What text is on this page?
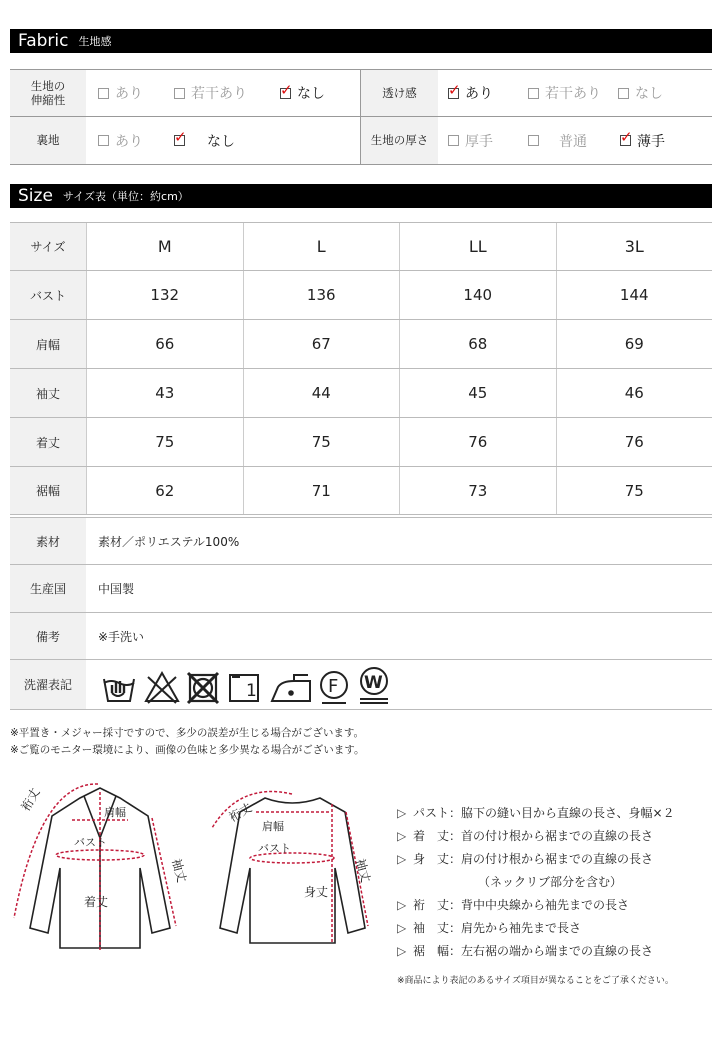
Fabric 生地感
生地の
伸縮性	あり	若干あり ✓ なし	透け感	✓ あり	若干あり なし
裏地	あり ✓ なし	生地の厚さ	厚手	普通 ✓ 薄手
Size サイズ表（単位：約cm）
サイズ	M	L	LL	3L
バスト	132	136	140	144
肩幅	66	67	68	69
袖丈	43	44	45	46
着丈	75	75	76	76
裾幅	62	71	73	75
素材	素材／ポリエステル100%
生産国	中国製
備考	※手洗い
洗濯表記	1	F W
※平置き・メジャー採寸ですので、多少の誤差が生じる場合がございます。
※ご覧のモニター環境により、画像の色味と多少異なる場合がございます。
裄丈	肩幅
バスト
袖丈
着丈
裄丈
肩幅
バスト
袖丈
身丈
▷ パスト：脇下の縫い目から直線の長さ、身幅×２
▷ 着　丈：首の付け根から裾までの直線の長さ
▷ 身　丈：肩の付け根から裾までの直線の長さ
（ネックリブ部分を含む）
▷ 裄　丈：背中中央線から袖先までの長さ
▷ 袖　丈：肩先から袖先まで長さ
▷ 裾　幅：左右裾の端から端までの直線の長さ
※商品により表記のあるサイズ項目が異なることをご了承ください。
